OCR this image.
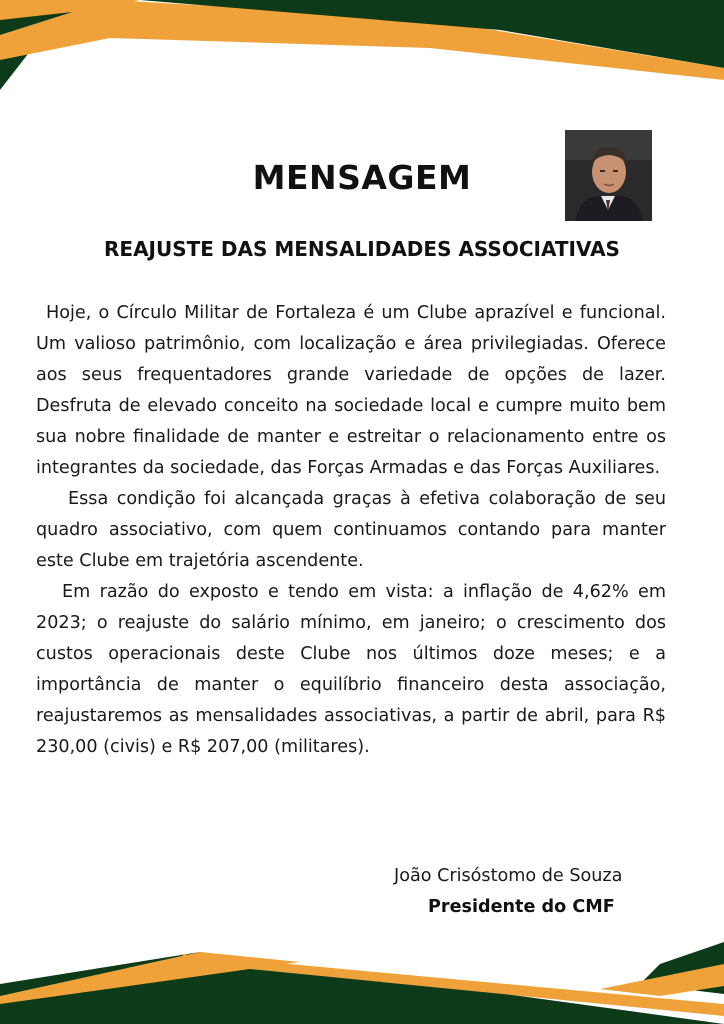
MENSAGEM
REAJUSTE DAS MENSALIDADES ASSOCIATIVAS

Hoje, o Círculo Militar de Fortaleza é um Clube aprazível e funcional. Um valioso patrimônio, com localização e área privilegiadas. Oferece aos seus frequentadores grande variedade de opções de lazer. Desfruta de elevado conceito na sociedade local e cumpre muito bem sua nobre finalidade de manter e estreitar o relacionamento entre os integrantes da sociedade, das Forças Armadas e das Forças Auxiliares.

Essa condição foi alcançada graças à efetiva colaboração de seu quadro associativo, com quem continuamos contando para manter este Clube em trajetória ascendente.

Em razão do exposto e tendo em vista: a inflação de 4,62% em 2023; o reajuste do salário mínimo, em janeiro; o crescimento dos custos operacionais deste Clube nos últimos doze meses; e a importância de manter o equilíbrio financeiro desta associação, reajustaremos as mensalidades associativas, a partir de abril, para R$ 230,00 (civis) e R$ 207,00 (militares).

João Crisóstomo de Souza
Presidente do CMF
